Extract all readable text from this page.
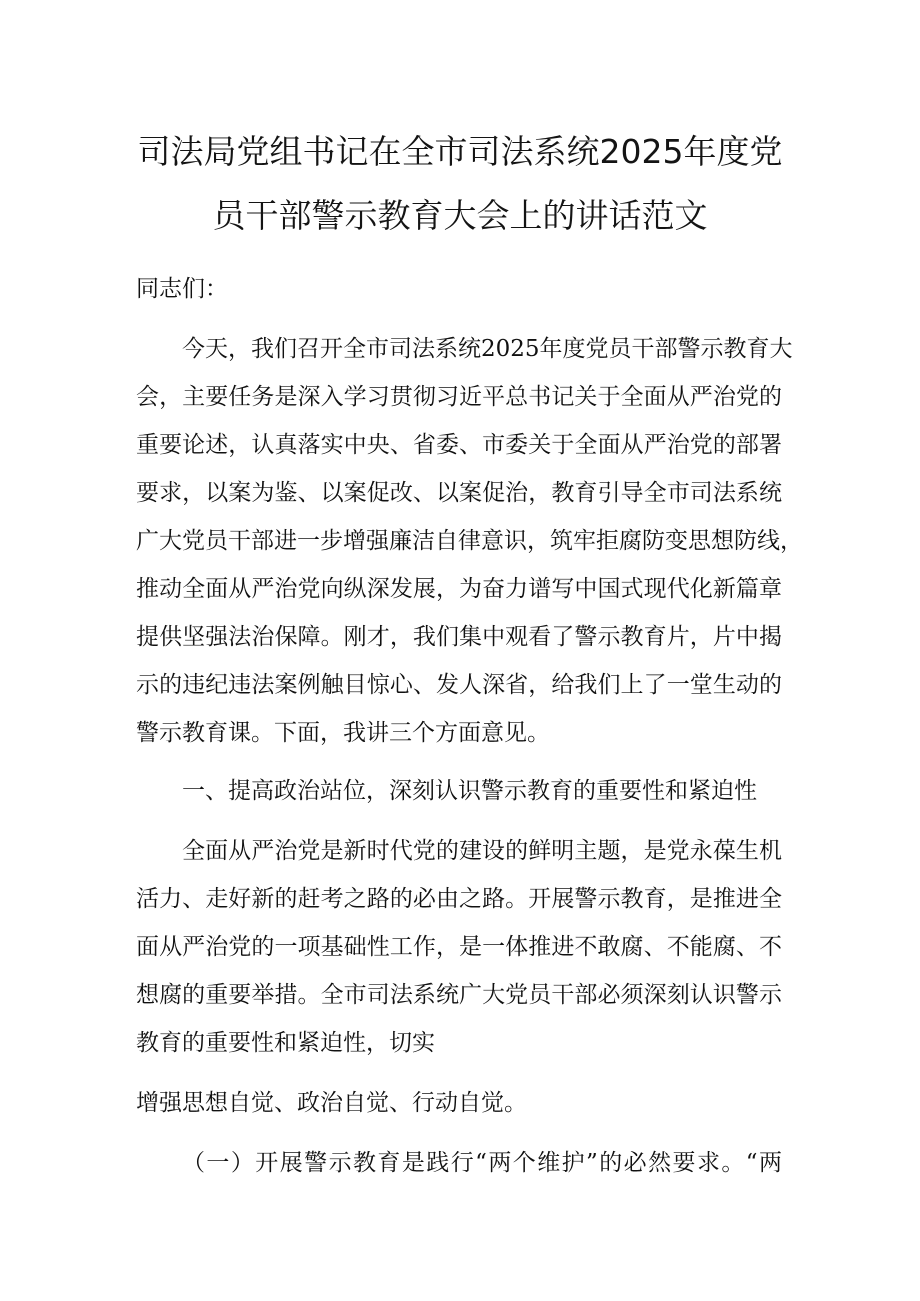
司法局党组书记在全市司法系统2025年度党
员干部警示教育大会上的讲话范文

同志们：

今天，我们召开全市司法系统2025年度党员干部警示教育大

会，主要任务是深入学习贯彻习近平总书记关于全面从严治党的

重要论述，认真落实中央、省委、市委关于全面从严治党的部署

要求，以案为鉴、以案促改、以案促治，教育引导全市司法系统

广大党员干部进一步增强廉洁自律意识，筑牢拒腐防变思想防线，

推动全面从严治党向纵深发展，为奋力谱写中国式现代化新篇章

提供坚强法治保障。刚才，我们集中观看了警示教育片，片中揭

示的违纪违法案例触目惊心、发人深省，给我们上了一堂生动的

警示教育课。下面，我讲三个方面意见。

一、提高政治站位，深刻认识警示教育的重要性和紧迫性

全面从严治党是新时代党的建设的鲜明主题，是党永葆生机

活力、走好新的赶考之路的必由之路。开展警示教育，是推进全

面从严治党的一项基础性工作，是一体推进不敢腐、不能腐、不

想腐的重要举措。全市司法系统广大党员干部必须深刻认识警示

教育的重要性和紧迫性，切实

增强思想自觉、政治自觉、行动自觉。

（一）开展警示教育是践行“两个维护”的必然要求。“两
